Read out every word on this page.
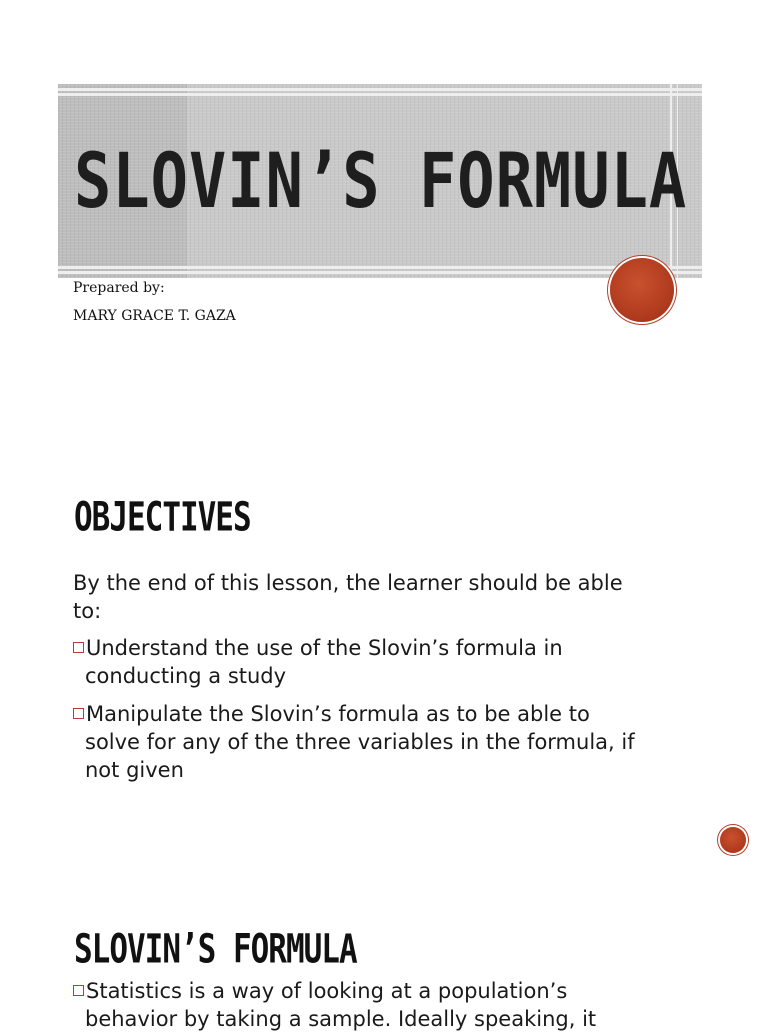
SLOVIN’S FORMULA
Prepared by:
MARY GRACE T. GAZA
OBJECTIVES
By the end of this lesson, the learner should be able
to:
Understand the use of the Slovin’s formula in
conducting a study
Manipulate the Slovin’s formula as to be able to
solve for any of the three variables in the formula, if
not given
SLOVIN’S FORMULA
Statistics is a way of looking at a population’s
behavior by taking a sample. Ideally speaking, it
